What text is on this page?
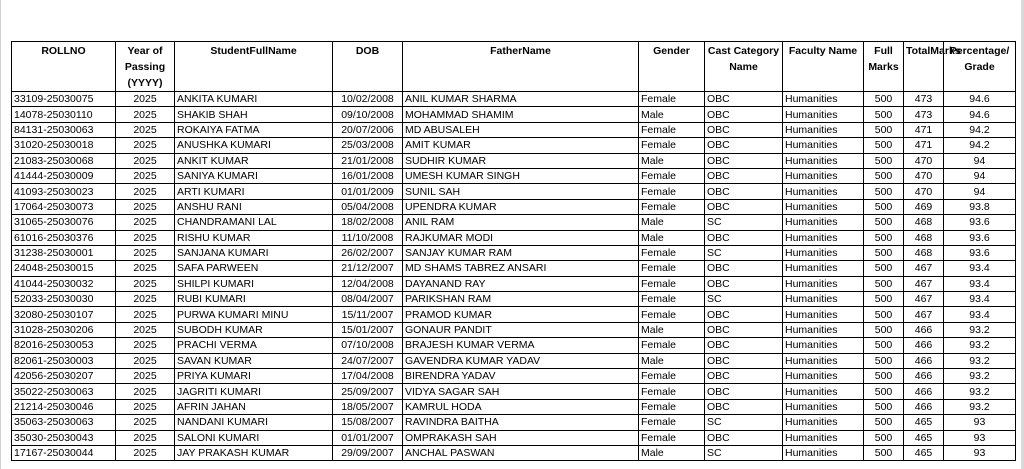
ROLLNO	Year of Passing (YYYY)	StudentFullName	DOB	FatherName	Gender	Cast Category Name	Faculty Name	Full Marks	TotalMarks	Percentage/ Grade
33109-25030075	2025	ANKITA KUMARI	10/02/2008	ANIL KUMAR SHARMA	Female	OBC	Humanities	500	473	94.6
14078-25030110	2025	SHAKIB SHAH	09/10/2008	MOHAMMAD SHAMIM	Male	OBC	Humanities	500	473	94.6
84131-25030063	2025	ROKAIYA FATMA	20/07/2006	MD ABUSALEH	Female	OBC	Humanities	500	471	94.2
31020-25030018	2025	ANUSHKA KUMARI	25/03/2008	AMIT KUMAR	Female	OBC	Humanities	500	471	94.2
21083-25030068	2025	ANKIT KUMAR	21/01/2008	SUDHIR KUMAR	Male	OBC	Humanities	500	470	94
41444-25030009	2025	SANIYA KUMARI	16/01/2008	UMESH KUMAR SINGH	Female	OBC	Humanities	500	470	94
41093-25030023	2025	ARTI KUMARI	01/01/2009	SUNIL SAH	Female	OBC	Humanities	500	470	94
17064-25030073	2025	ANSHU RANI	05/04/2008	UPENDRA KUMAR	Female	OBC	Humanities	500	469	93.8
31065-25030076	2025	CHANDRAMANI LAL	18/02/2008	ANIL RAM	Male	SC	Humanities	500	468	93.6
61016-25030376	2025	RISHU KUMAR	11/10/2008	RAJKUMAR MODI	Male	OBC	Humanities	500	468	93.6
31238-25030001	2025	SANJANA KUMARI	26/02/2007	SANJAY KUMAR RAM	Female	SC	Humanities	500	468	93.6
24048-25030015	2025	SAFA PARWEEN	21/12/2007	MD SHAMS TABREZ ANSARI	Female	OBC	Humanities	500	467	93.4
41044-25030032	2025	SHILPI KUMARI	12/04/2008	DAYANAND RAY	Female	OBC	Humanities	500	467	93.4
52033-25030030	2025	RUBI KUMARI	08/04/2007	PARIKSHAN RAM	Female	SC	Humanities	500	467	93.4
32080-25030107	2025	PURWA KUMARI MINU	15/11/2007	PRAMOD KUMAR	Female	OBC	Humanities	500	467	93.4
31028-25030206	2025	SUBODH KUMAR	15/01/2007	GONAUR PANDIT	Male	OBC	Humanities	500	466	93.2
82016-25030053	2025	PRACHI VERMA	07/10/2008	BRAJESH KUMAR VERMA	Female	OBC	Humanities	500	466	93.2
82061-25030003	2025	SAVAN KUMAR	24/07/2007	GAVENDRA KUMAR YADAV	Male	OBC	Humanities	500	466	93.2
42056-25030207	2025	PRIYA KUMARI	17/04/2008	BIRENDRA YADAV	Female	OBC	Humanities	500	466	93.2
35022-25030063	2025	JAGRITI KUMARI	25/09/2007	VIDYA SAGAR SAH	Female	OBC	Humanities	500	466	93.2
21214-25030046	2025	AFRIN JAHAN	18/05/2007	KAMRUL HODA	Female	OBC	Humanities	500	466	93.2
35063-25030063	2025	NANDANI KUMARI	15/08/2007	RAVINDRA BAITHA	Female	SC	Humanities	500	465	93
35030-25030043	2025	SALONI KUMARI	01/01/2007	OMPRAKASH SAH	Female	OBC	Humanities	500	465	93
17167-25030044	2025	JAY PRAKASH KUMAR	29/09/2007	ANCHAL PASWAN	Male	SC	Humanities	500	465	93
